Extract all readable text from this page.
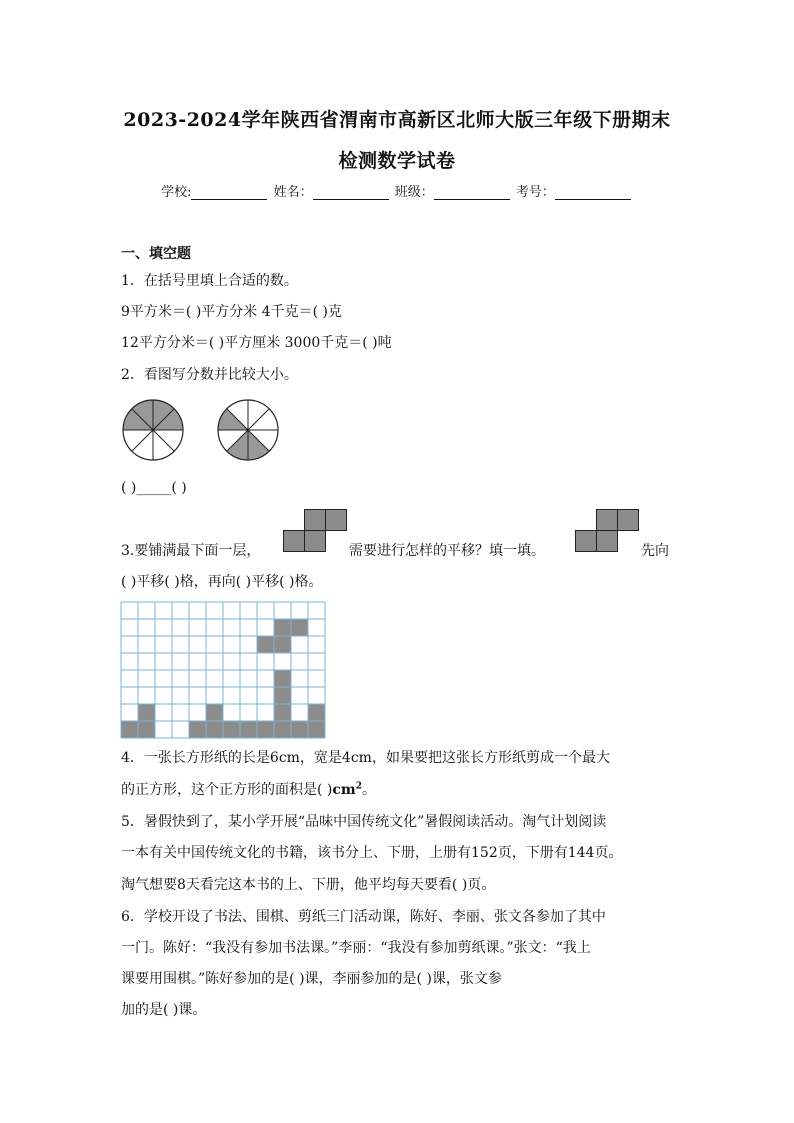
2023-2024学年陕西省渭南市高新区北师大版三年级下册期末
检测数学试卷
学校:	姓名：	班级：	考号：
一、填空题
1．在括号里填上合适的数。
9平方米＝( )平方分米 4千克＝( )克
12平方分米＝( )平方厘米 3000千克＝( )吨
2．看图写分数并比较大小。
( )_____( )
3.要铺满最下面一层，	需要进行怎样的平移？填一填。	先向
( )平移( )格，再向( )平移( )格。
4．一张长方形纸的长是6cm，宽是4cm，如果要把这张长方形纸剪成一个最大
的正方形，这个正方形的面积是( )$cm^2$。
5．暑假快到了，某小学开展“品味中国传统文化”暑假阅读活动。淘气计划阅读
一本有关中国传统文化的书籍，该书分上、下册，上册有152页，下册有144页。
淘气想要8天看完这本书的上、下册，他平均每天要看( )页。
6．学校开设了书法、围棋、剪纸三门活动课，陈好、李丽、张文各参加了其中
一门。陈好：“我没有参加书法课。”李丽：“我没有参加剪纸课。”张文：“我上
课要用围棋。”陈好参加的是( )课，李丽参加的是( )课，张文参
加的是( )课。
